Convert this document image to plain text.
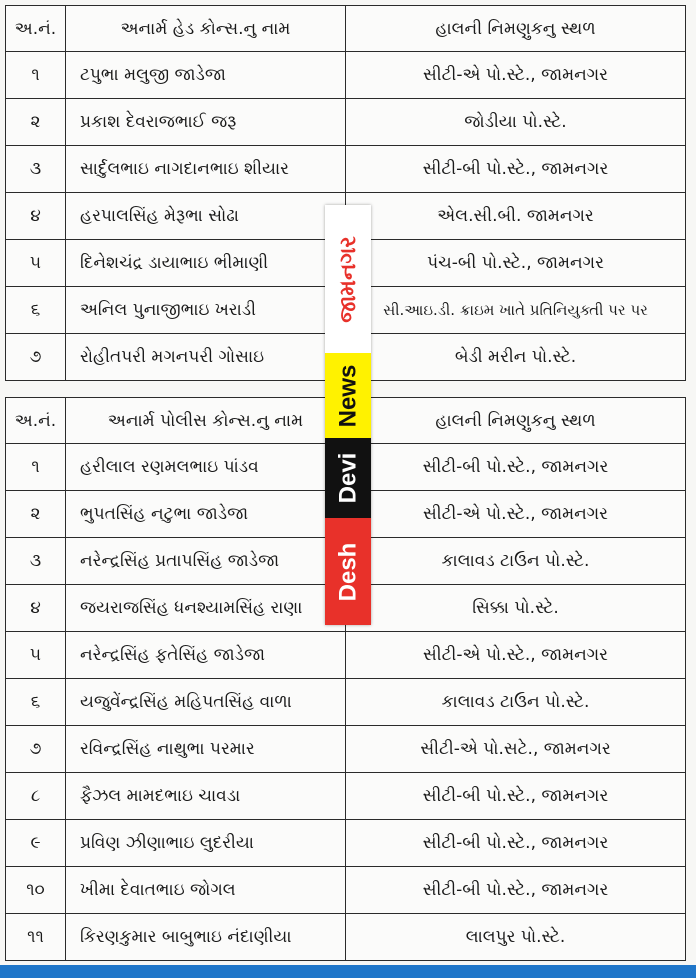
અ.નં.	અનાર્મ હેડ કોન્સ.નુ નામ	હાલની નિમણુકનુ સ્થળ
૧	ટપુભા મલુજી જાડેજા	સીટી-એ પો.સ્ટે., જામનગર
૨	પ્રકાશ દેવરાજભાઈ જરૂ	જોડીયા પો.સ્ટે.
૩	સાર્દુલભાઇ નાગદાનભાઇ શીયાર	સીટી-બી પો.સ્ટે., જામનગર
૪	હરપાલસિંહ મેરૂભા સોઢા	એલ.સી.બી. જામનગર
૫	દિનેશચંદ્ર ડાયાભાઇ ભીમાણી	પંચ-બી પો.સ્ટે., જામનગર
૬	અનિલ પુનાજીભાઇ ખરાડી	સી.આઇ.ડી. ક્રાઇમ ખાતે પ્રતિનિયુક્તી પર પર
૭	રોહીતપરી મગનપરી ગોસાઇ	બેડી મરીન પો.સ્ટે.
અ.નં.	અનાર્મ પોલીસ કોન્સ.નુ નામ	હાલની નિમણુકનુ સ્થળ
૧	હરીલાલ રણમલભાઇ પાંડવ	સીટી-બી પો.સ્ટે., જામનગર
૨	ભુપતસિંહ નટુભા જાડેજા	સીટી-એ પો.સ્ટે., જામનગર
૩	નરેન્દ્રસિંહ પ્રતાપસિંહ જાડેજા	કાલાવડ ટાઉન પો.સ્ટે.
૪	જયરાજસિંહ ધનશ્યામસિંહ રાણા	સિક્કા પો.સ્ટે.
૫	નરેન્દ્રસિંહ ફતેસિંહ જાડેજા	સીટી-એ પો.સ્ટે., જામનગર
૬	યજુવેંન્દ્રસિંહ મહિપતસિંહ વાળા	કાલાવડ ટાઉન પો.સ્ટે.
૭	રવિન્દ્રસિંહ નાથુભા પરમાર	સીટી-એ પો.સટે., જામનગર
૮	ફૈઝલ મામદભાઇ ચાવડા	સીટી-બી પો.સ્ટે., જામનગર
૯	પ્રવિણ ઝીણાભાઇ લુદરીયા	સીટી-બી પો.સ્ટે., જામનગર
૧૦	ખીમા દેવાતભાઇ જોગલ	સીટી-બી પો.સ્ટે., જામનગર
૧૧	કિરણકુમાર બાબુભાઇ નંદાણીયા	લાલપુર પો.સ્ટે.
જામનગર
News
Devi
Desh
